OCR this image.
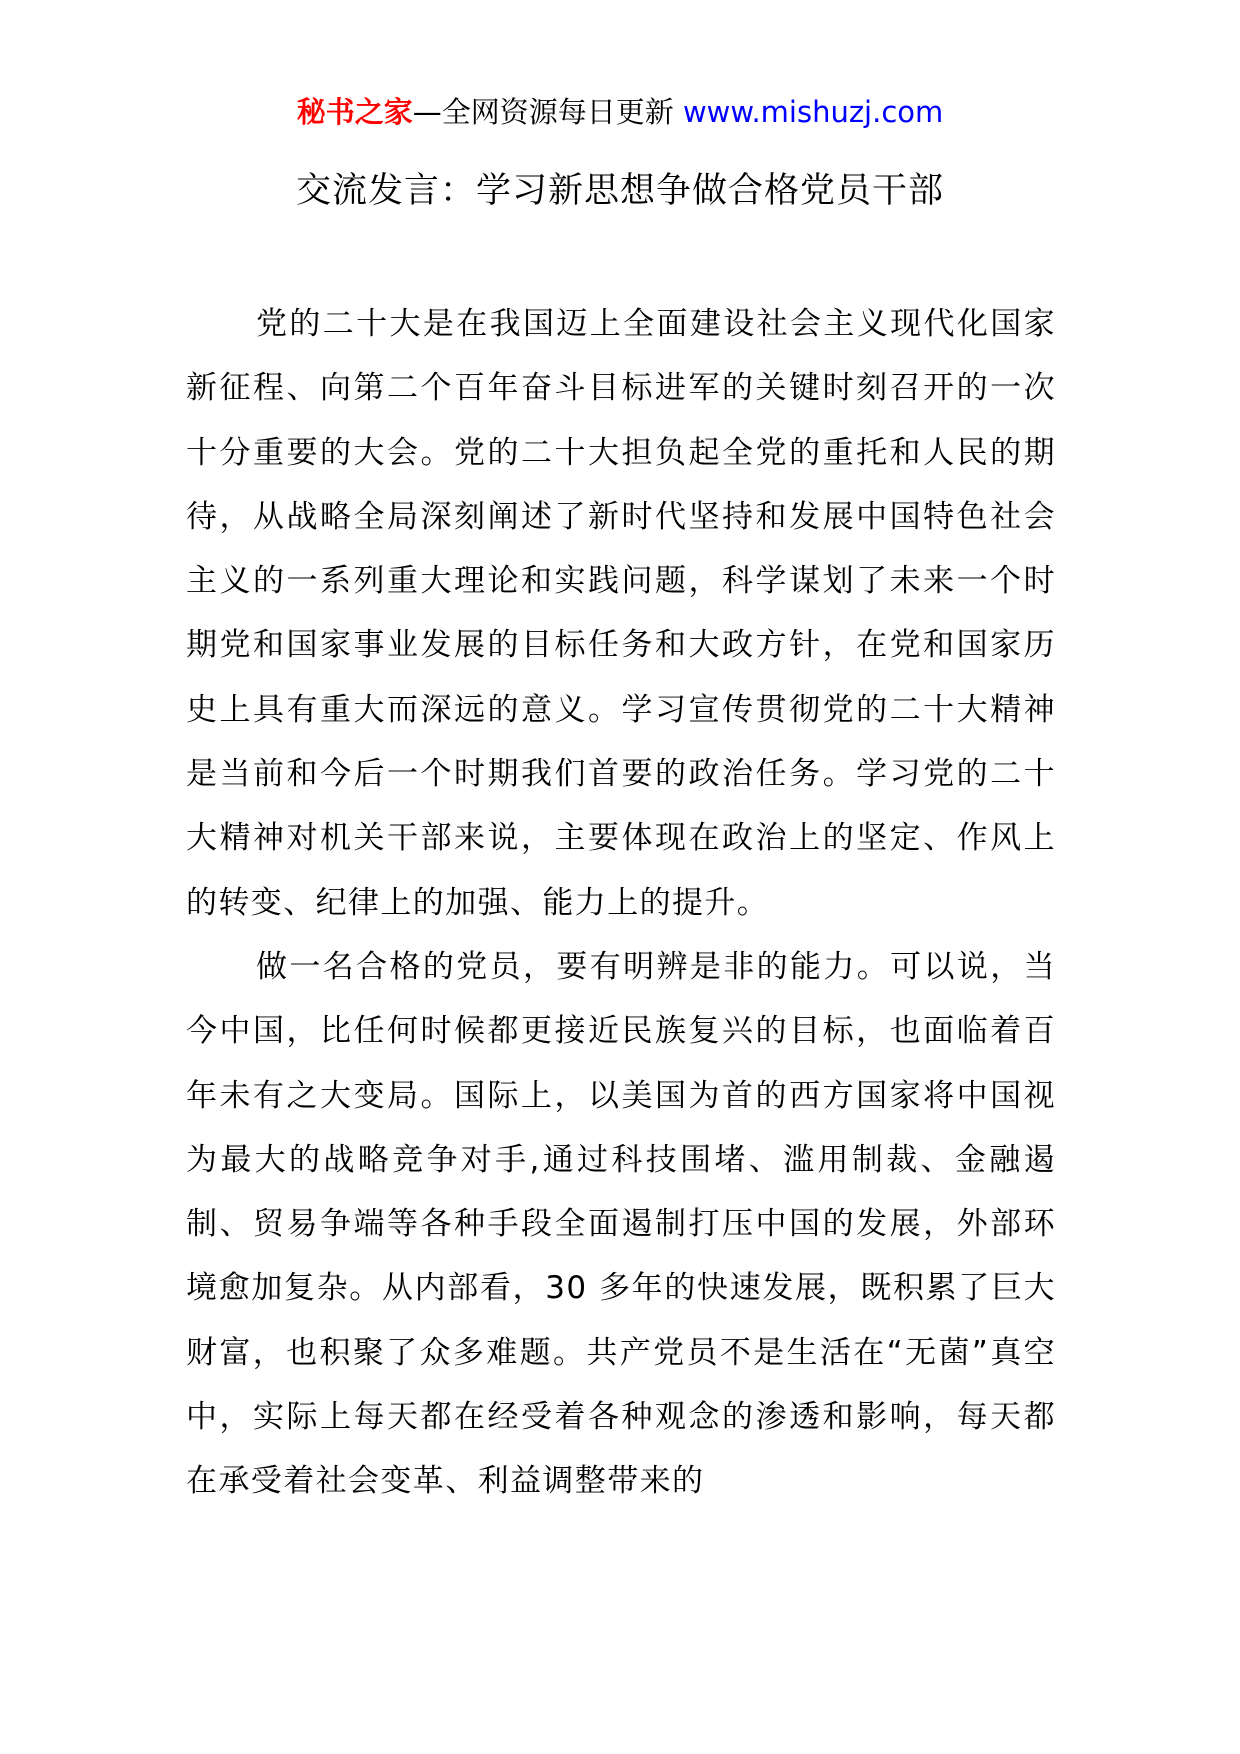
秘书之家—全网资源每日更新 www.mishuzj.com
交流发言：学习新思想争做合格党员干部

党的二十大是在我国迈上全面建设社会主义现代化国家新征程、向第二个百年奋斗目标进军的关键时刻召开的一次十分重要的大会。党的二十大担负起全党的重托和人民的期待，从战略全局深刻阐述了新时代坚持和发展中国特色社会主义的一系列重大理论和实践问题，科学谋划了未来一个时期党和国家事业发展的目标任务和大政方针，在党和国家历史上具有重大而深远的意义。学习宣传贯彻党的二十大精神是当前和今后一个时期我们首要的政治任务。学习党的二十大精神对机关干部来说，主要体现在政治上的坚定、作风上的转变、纪律上的加强、能力上的提升。

做一名合格的党员，要有明辨是非的能力。可以说，当今中国，比任何时候都更接近民族复兴的目标，也面临着百年未有之大变局。国际上，以美国为首的西方国家将中国视为最大的战略竞争对手,通过科技围堵、滥用制裁、金融遏制、贸易争端等各种手段全面遏制打压中国的发展，外部环境愈加复杂。从内部看，30 多年的快速发展，既积累了巨大财富，也积聚了众多难题。共产党员不是生活在“无菌”真空中，实际上每天都在经受着各种观念的渗透和影响，每天都在承受着社会变革、利益调整带来的
